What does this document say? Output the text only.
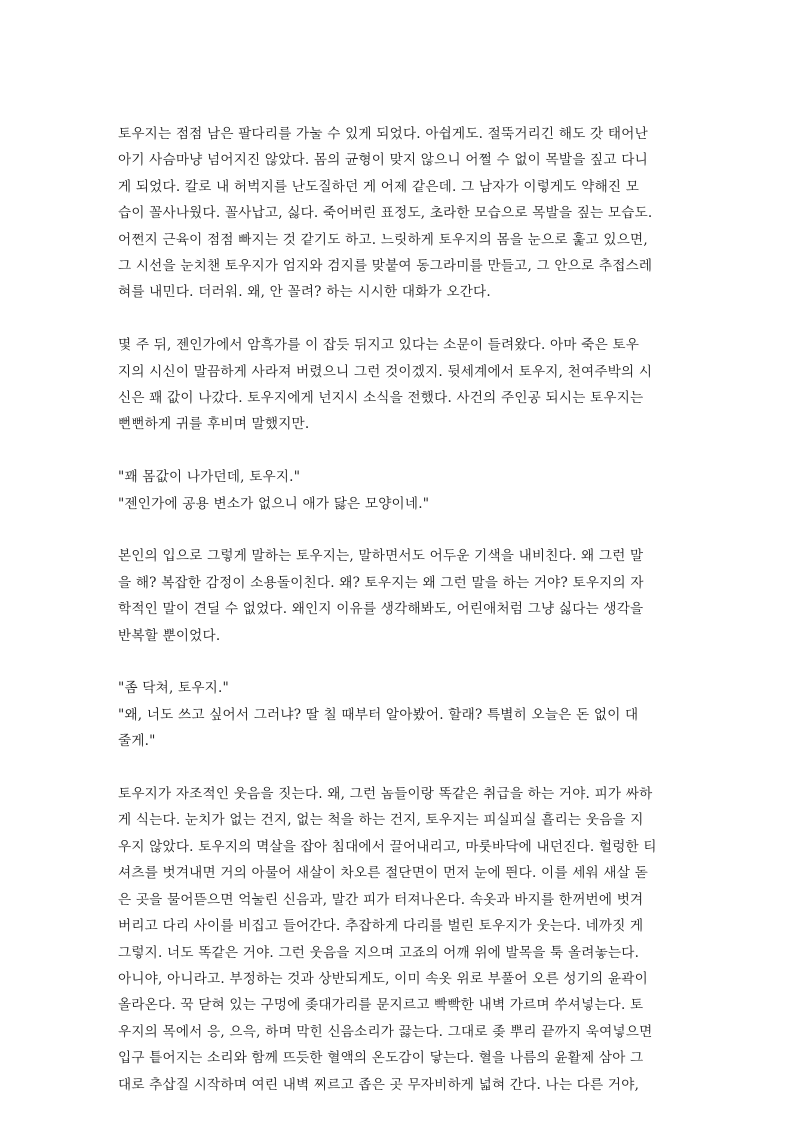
토우지는 점점 남은 팔다리를 가눌 수 있게 되었다. 아쉽게도. 절뚝거리긴 해도 갓 태어난
아기 사슴마냥 넘어지진 않았다. 몸의 균형이 맞지 않으니 어쩔 수 없이 목발을 짚고 다니
게 되었다. 칼로 내 허벅지를 난도질하던 게 어제 같은데. 그 남자가 이렇게도 약해진 모
습이 꼴사나웠다. 꼴사납고, 싫다. 죽어버린 표정도, 초라한 모습으로 목발을 짚는 모습도.
어쩐지 근육이 점점 빠지는 것 같기도 하고. 느릿하게 토우지의 몸을 눈으로 훑고 있으면,
그 시선을 눈치챈 토우지가 엄지와 검지를 맞붙여 동그라미를 만들고, 그 안으로 추접스레
혀를 내민다. 더러워. 왜, 안 꼴려? 하는 시시한 대화가 오간다.
몇 주 뒤, 젠인가에서 암흑가를 이 잡듯 뒤지고 있다는 소문이 들려왔다. 아마 죽은 토우
지의 시신이 말끔하게 사라져 버렸으니 그런 것이겠지. 뒷세계에서 토우지, 천여주박의 시
신은 꽤 값이 나갔다. 토우지에게 넌지시 소식을 전했다. 사건의 주인공 되시는 토우지는
뻔뻔하게 귀를 후비며 말했지만.
"꽤 몸값이 나가던데, 토우지."
"젠인가에 공용 변소가 없으니 애가 닳은 모양이네."
본인의 입으로 그렇게 말하는 토우지는, 말하면서도 어두운 기색을 내비친다. 왜 그런 말
을 해? 복잡한 감정이 소용돌이친다. 왜? 토우지는 왜 그런 말을 하는 거야? 토우지의 자
학적인 말이 견딜 수 없었다. 왜인지 이유를 생각해봐도, 어린애처럼 그냥 싫다는 생각을
반복할 뿐이었다.
"좀 닥쳐, 토우지."
"왜, 너도 쓰고 싶어서 그러냐? 딸 칠 때부터 알아봤어. 할래? 특별히 오늘은 돈 없이 대
줄게."
토우지가 자조적인 웃음을 짓는다. 왜, 그런 놈들이랑 똑같은 취급을 하는 거야. 피가 싸하
게 식는다. 눈치가 없는 건지, 없는 척을 하는 건지, 토우지는 피실피실 흘리는 웃음을 지
우지 않았다. 토우지의 멱살을 잡아 침대에서 끌어내리고, 마룻바닥에 내던진다. 헐렁한 티
셔츠를 벗겨내면 거의 아물어 새살이 차오른 절단면이 먼저 눈에 띈다. 이를 세워 새살 돋
은 곳을 물어뜯으면 억눌린 신음과, 말간 피가 터져나온다. 속옷과 바지를 한꺼번에 벗겨
버리고 다리 사이를 비집고 들어간다. 추잡하게 다리를 벌린 토우지가 웃는다. 네까짓 게
그렇지. 너도 똑같은 거야. 그런 웃음을 지으며 고죠의 어깨 위에 발목을 툭 올려놓는다.
아니야, 아니라고. 부정하는 것과 상반되게도, 이미 속옷 위로 부풀어 오른 성기의 윤곽이
올라온다. 꾹 닫혀 있는 구멍에 좆대가리를 문지르고 빡빡한 내벽 가르며 쑤셔넣는다. 토
우지의 목에서 응, 으윽, 하며 막힌 신음소리가 끓는다. 그대로 좆 뿌리 끝까지 욱여넣으면
입구 틑어지는 소리와 함께 뜨듯한 혈액의 온도감이 닿는다. 혈을 나름의 윤활제 삼아 그
대로 추삽질 시작하며 여린 내벽 찌르고 좁은 곳 무자비하게 넓혀 간다. 나는 다른 거야,
